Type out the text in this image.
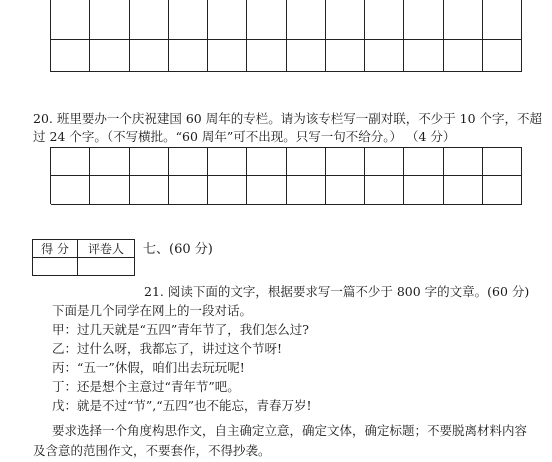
20. 班里要办一个庆祝建国 60 周年的专栏。请为该专栏写一副对联，不少于 10 个字，不超
过 24 个字。（不写横批。“60 周年”可不出现。只写一句不给分。） （4 分）
得 分	评卷人
	七、(60 分)
21. 阅读下面的文字，根据要求写一篇不少于 800 字的文章。(60 分)
下面是几个同学在网上的一段对话。
甲：过几天就是“五四”青年节了，我们怎么过?
乙：过什么呀，我都忘了，讲过这个节呀!
丙：“五一”休假，咱们出去玩玩呢!
丁：还是想个主意过“青年节”吧。
戊：就是不过“节”,“五四”也不能忘，青春万岁!
要求选择一个角度构思作文，自主确定立意，确定文体，确定标题；不要脱离材料内容
及含意的范围作文，不要套作，不得抄袭。
